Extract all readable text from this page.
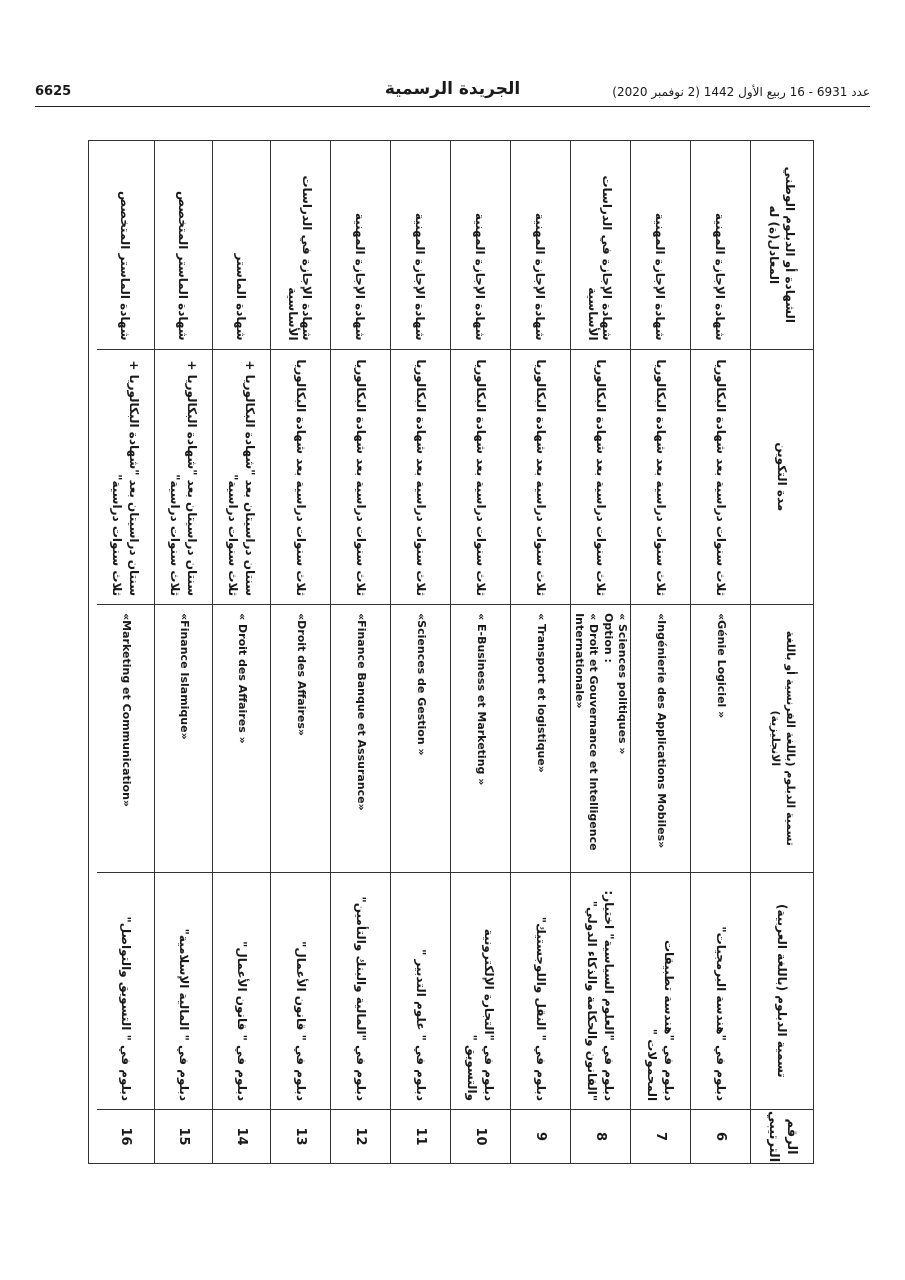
6625	الجريدة الرسمية	عدد 6931 - 16 ربيع الأول 1442 (2 نوفمبر 2020)
الشهادة أو الدبلوم الوطني المعادل(ة) له
مدة التكوين
تسمية الدبلوم (باللغة الفرنسية أو باللغة الانجليزية)
تسمية الدبلوم (باللغة العربية)
الرقم الترتيبي
شهادة الإجازة المهنية
ثلاث سنوات دراسية بعد شهادة البكالوريا
«Génie Logiciel »
دبلوم في "هندسة البرمجيات"
6
شهادة الإجازة المهنية
ثلاث سنوات دراسية بعد شهادة البكالوريا
«Ingénierie des Applications Mobiles»
دبلوم في "هندسة تطبيقات المحمولات "
7
شهادة الإجازة في الدراسات الأساسية
ثلاث سنوات دراسية بعد شهادة البكالوريا
« Sciences politiques »
Option :
« Droit et Gouvernance et Intelligence Internationale»
دبلوم في "العلوم السياسية" اختيار: "القانون والحكامة والذكاء الدولي"
8
شهادة الإجازة المهنية
ثلاث سنوات دراسية بعد شهادة البكالوريا
« Transport et logistique»
دبلوم في " النقل واللوجستيك"
9
شهادة الإجازة المهنية
ثلاث سنوات دراسية بعد شهادة البكالوريا
« E-Business et Marketing »
دبلوم في "التجارة الإلكترونية والتسويق "
10
شهادة الإجازة المهنية
ثلاث سنوات دراسية بعد شهادة البكالوريا
«Sciences de Gestion »
دبلوم في " علوم التدبير "
11
شهادة الإجازة المهنية
ثلاث سنوات دراسية بعد شهادة البكالوريا
«Finance Banque et Assurance»
دبلوم في "المالية والبنك والتأمين"
12
شهادة الإجازة في الدراسات الأساسية
ثلاث سنوات دراسية بعد شهادة البكالوريا
«Droit des Affaires»
دبلوم في " قانون الأعمال"
13
شهادة الماستر
سنتان دراسيتان بعد "شهادة البكالوريا + ثلاث سنوات دراسية"
« Droit des Affaires »
دبلوم في " قانون الأعمال"
14
شهادة الماستر المتخصص
سنتان دراسيتان بعد "شهادة البكالوريا + ثلاث سنوات دراسية"
«Finance Islamique»
دبلوم في " المالية الإسلامية"
15
شهادة الماستر المتخصص
سنتان دراسيتان بعد "شهادة البكالوريا + ثلاث سنوات دراسية"
«Marketing et Communication»
دبلوم في " التسويق والتواصل"
16
